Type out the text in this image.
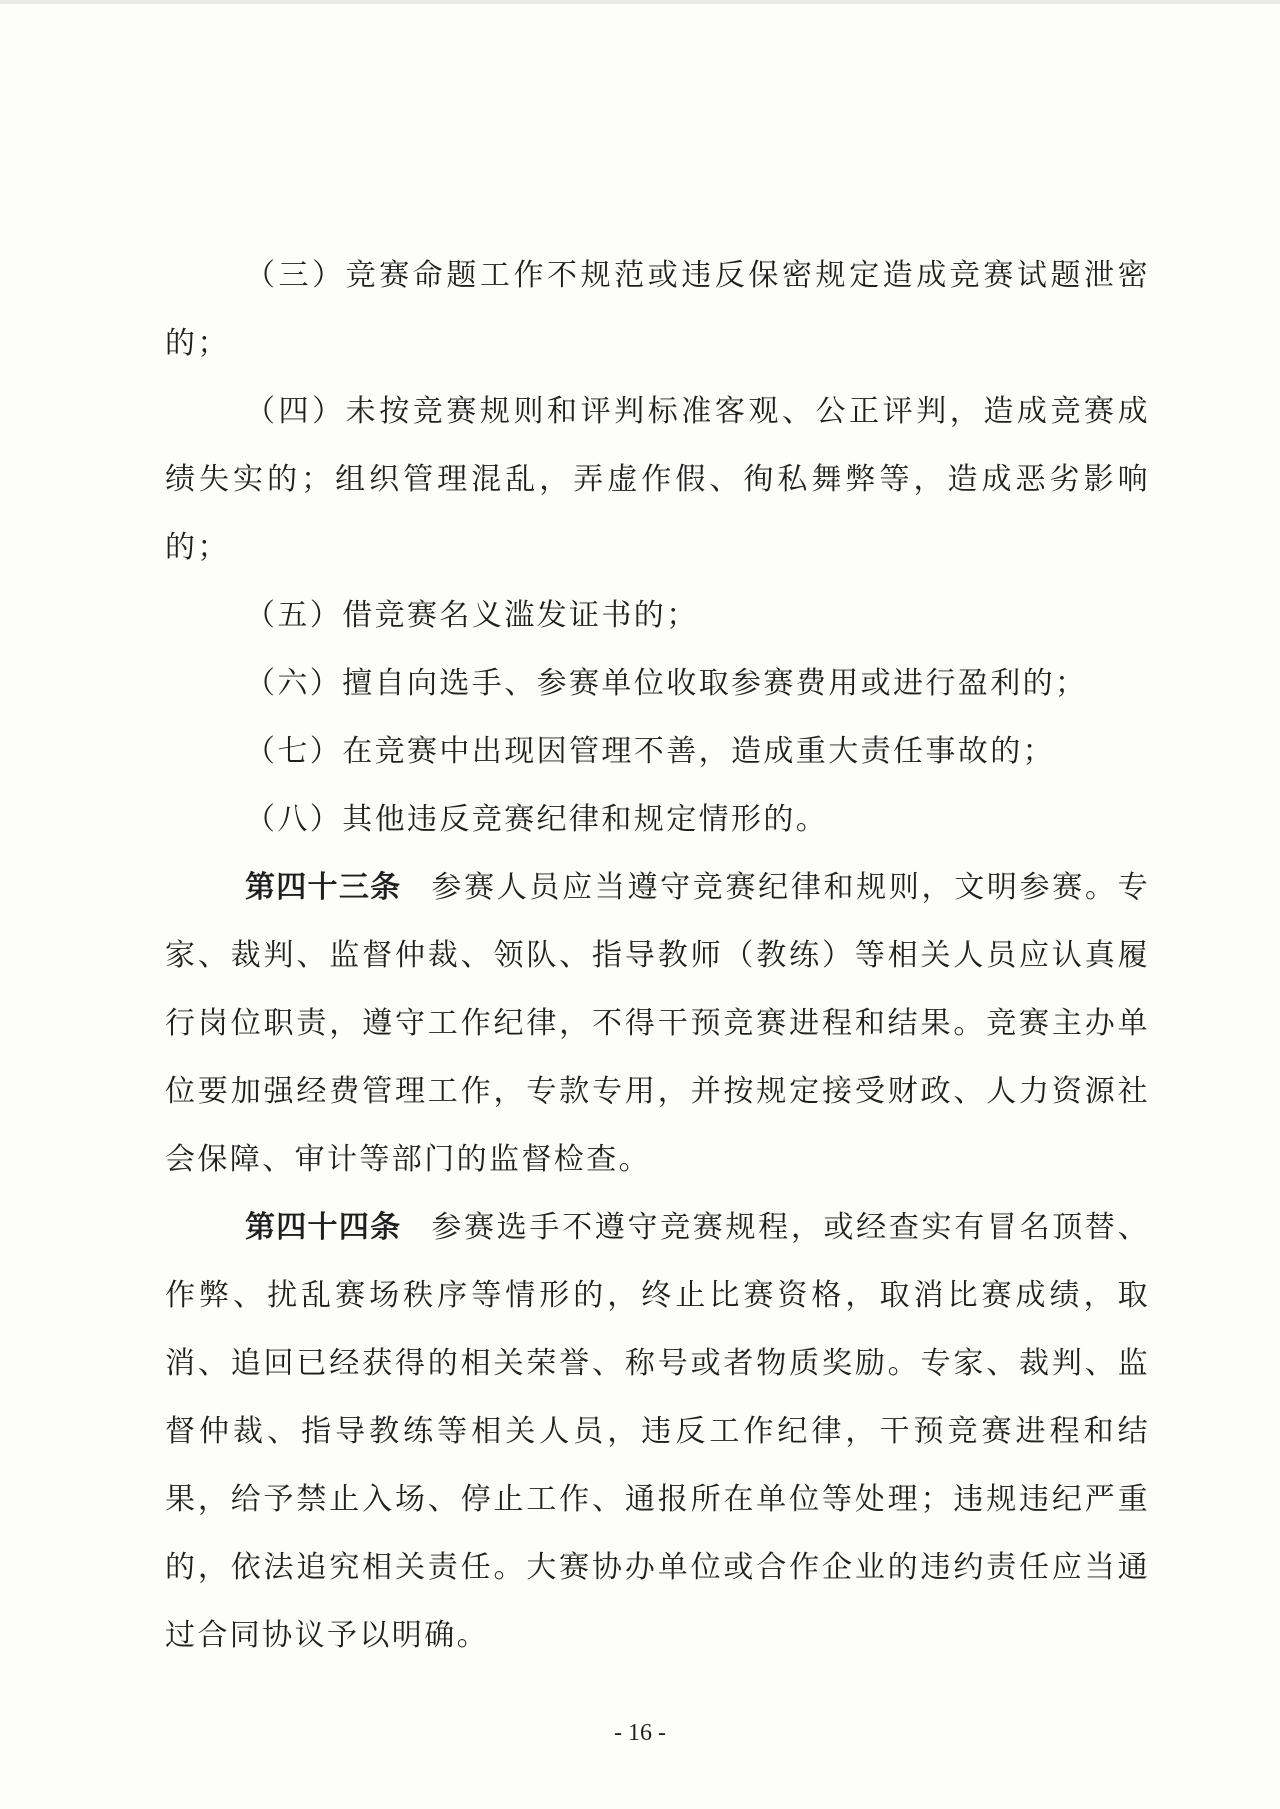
（三）竞赛命题工作不规范或违反保密规定造成竞赛试题泄密的；

（四）未按竞赛规则和评判标准客观、公正评判，造成竞赛成绩失实的；组织管理混乱，弄虚作假、徇私舞弊等，造成恶劣影响的；

（五）借竞赛名义滥发证书的；

（六）擅自向选手、参赛单位收取参赛费用或进行盈利的；

（七）在竞赛中出现因管理不善，造成重大责任事故的；

（八）其他违反竞赛纪律和规定情形的。

第四十三条 参赛人员应当遵守竞赛纪律和规则，文明参赛。专家、裁判、监督仲裁、领队、指导教师（教练）等相关人员应认真履行岗位职责，遵守工作纪律，不得干预竞赛进程和结果。竞赛主办单位要加强经费管理工作，专款专用，并按规定接受财政、人力资源社会保障、审计等部门的监督检查。

第四十四条 参赛选手不遵守竞赛规程，或经查实有冒名顶替、作弊、扰乱赛场秩序等情形的，终止比赛资格，取消比赛成绩，取消、追回已经获得的相关荣誉、称号或者物质奖励。专家、裁判、监督仲裁、指导教练等相关人员，违反工作纪律，干预竞赛进程和结果，给予禁止入场、停止工作、通报所在单位等处理；违规违纪严重的，依法追究相关责任。大赛协办单位或合作企业的违约责任应当通过合同协议予以明确。

- 16 -
